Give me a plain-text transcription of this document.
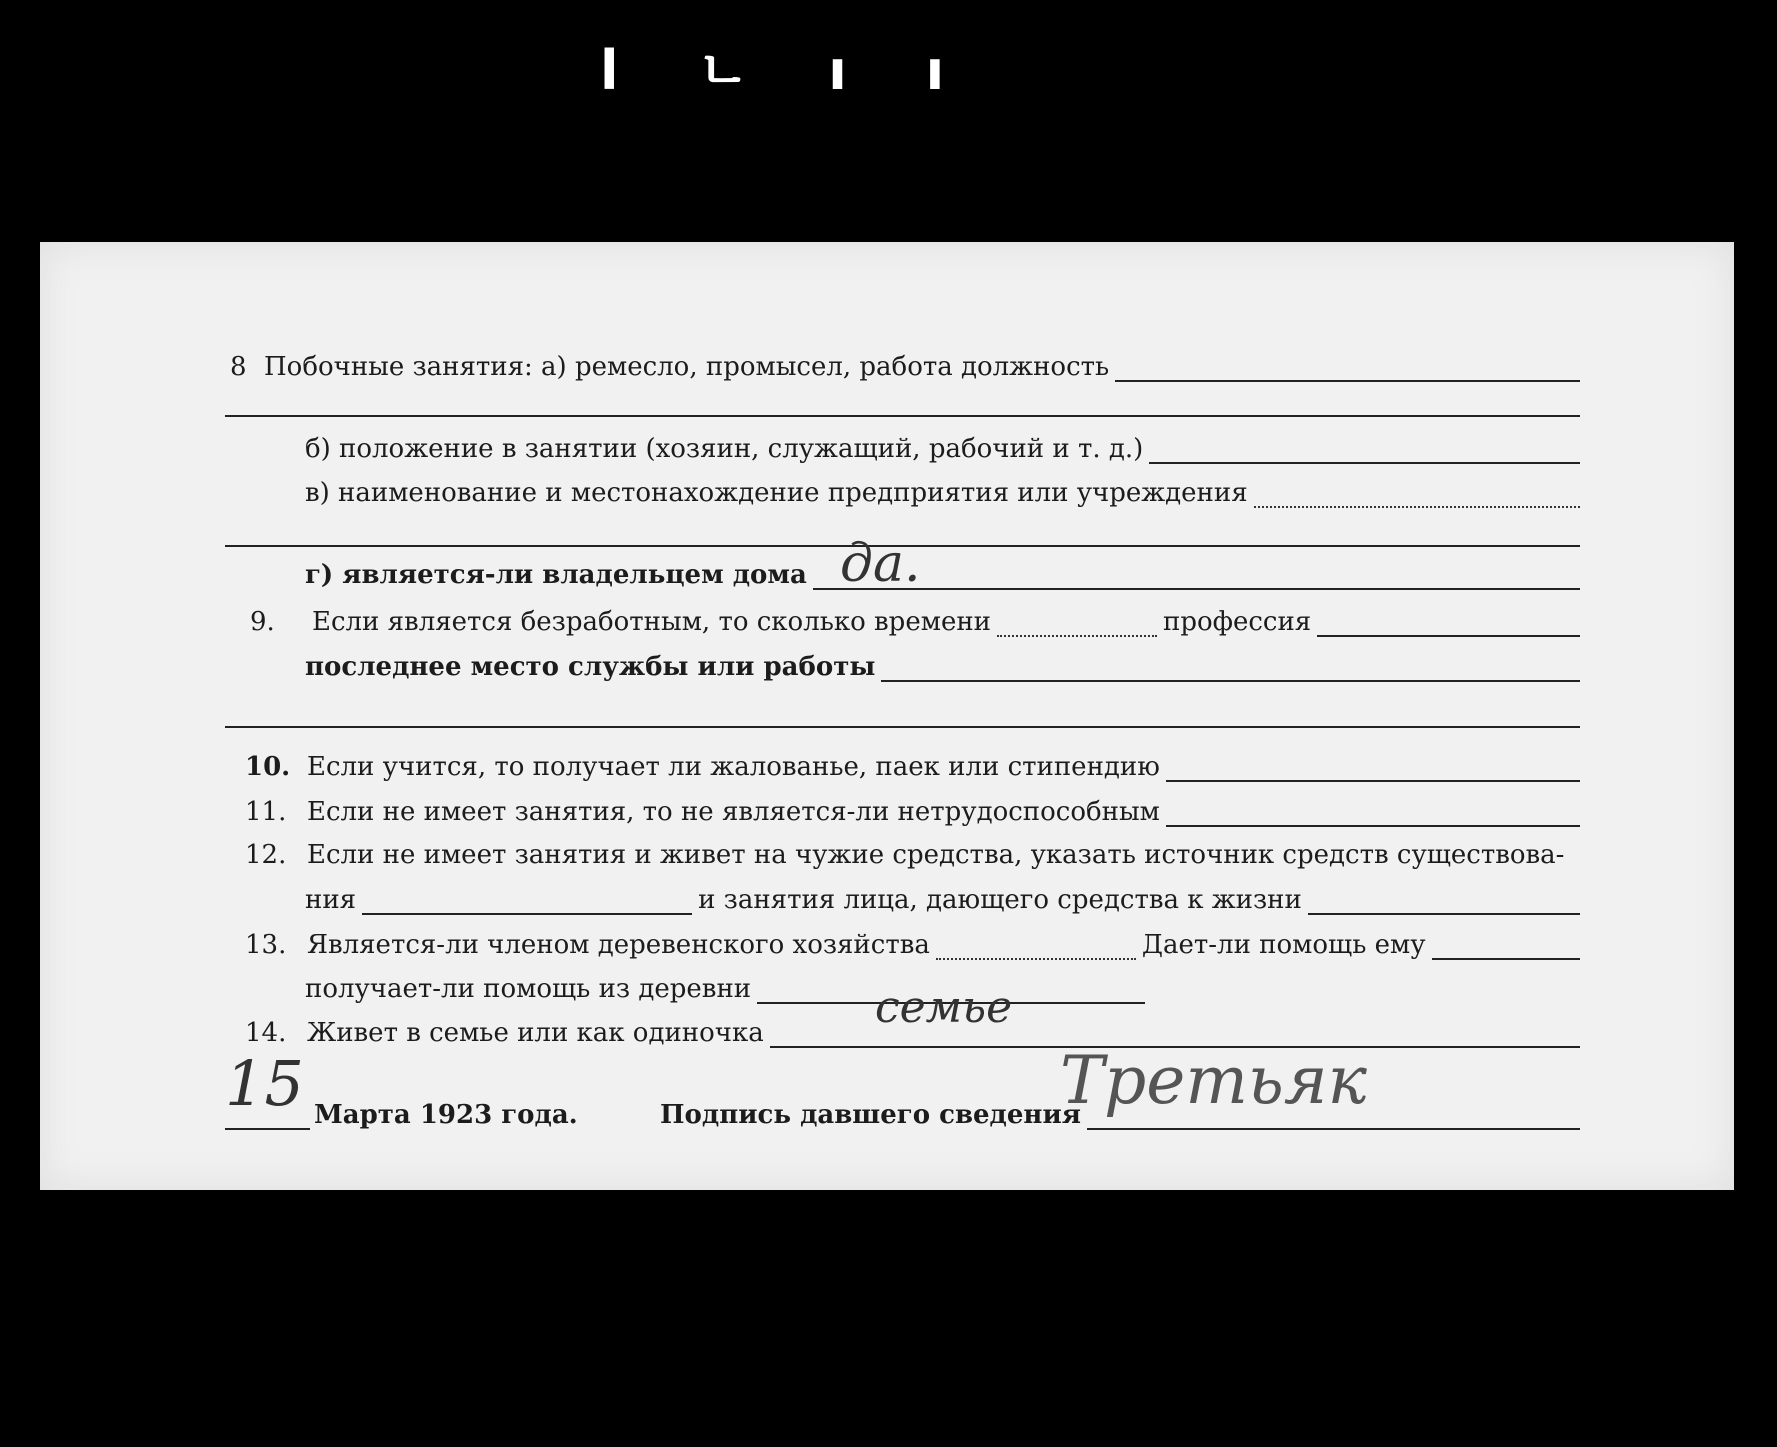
ⅼ ㄴ ı ı
8 Побочные занятия: а) ремесло, промысел, работа должность
б) положение в занятии (хозяин, служащий, рабочий и т. д.)
в) наименование и местонахождение предприятия или учреждения
г) является-ли владельцем дома да.
9.	Если является безработным, то сколько времени	профессия
последнее место службы или работы
10. Если учится, то получает ли жалованье, паек или стипендию
11. Если не имеет занятия, то не является-ли нетрудоспособным
12. Если не имеет занятия и живет на чужие средства, указать источник средств существова-
ния	и занятия лица, дающего средства к жизни
13. Является-ли членом деревенского хозяйства	Дает-ли помощь ему
получает-ли помощь из деревни
14. Живет в семье или как одиночка	семье
15 Марта 1923 года.	Подпись давшего сведения
Третьяк
